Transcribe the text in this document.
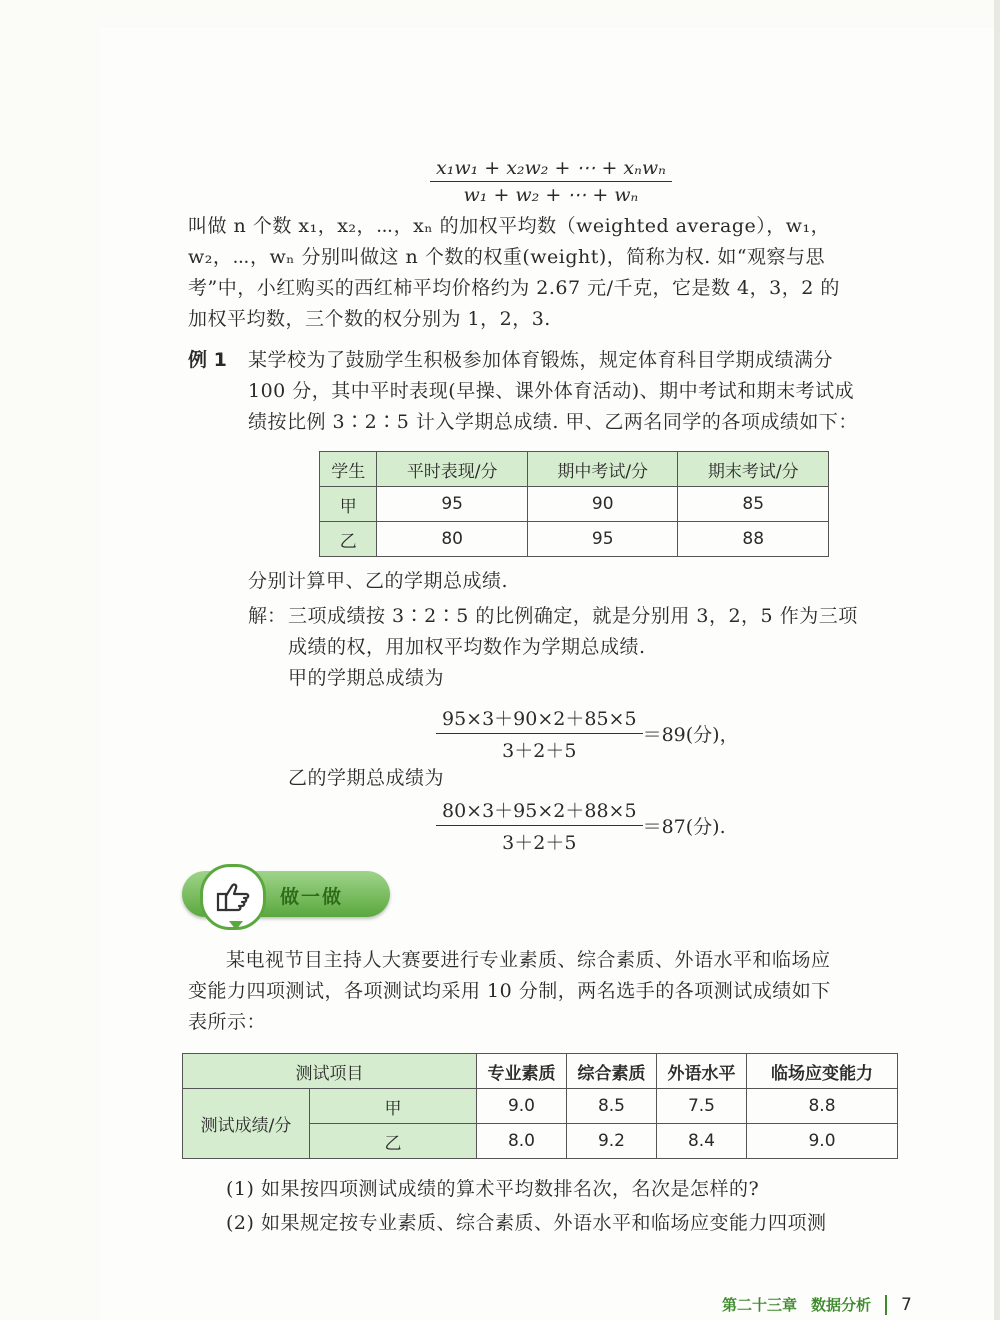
x₁w₁ + x₂w₂ + ⋯ + xₙwₙ
w₁ + w₂ + ⋯ + wₙ
叫做 n 个数 x₁，x₂，⋯，xₙ 的加权平均数（weighted average），w₁，
w₂，⋯，wₙ 分别叫做这 n 个数的权重(weight)，简称为权. 如“观察与思
考”中，小红购买的西红柿平均价格约为 2.67 元/千克，它是数 4，3，2 的
加权平均数，三个数的权分别为 1，2，3.
例 1 某学校为了鼓励学生积极参加体育锻炼，规定体育科目学期成绩满分
100 分，其中平时表现(早操、课外体育活动)、期中考试和期末考试成
绩按比例 3∶2∶5 计入学期总成绩. 甲、乙两名同学的各项成绩如下：
学生	平时表现/分	期中考试/分	期末考试/分
甲	95	90	85
乙	80	95	88
分别计算甲、乙的学期总成绩.
解： 三项成绩按 3∶2∶5 的比例确定，就是分别用 3，2，5 作为三项
成绩的权，用加权平均数作为学期总成绩.
甲的学期总成绩为
$\frac{95\times 3+90\times 2+85\times 5}{3+2+5} =89$(分)，
乙的学期总成绩为
$\frac{80\times 3+95\times 2+88\times 5}{3+2+5} =87$(分).
做一做
某电视节目主持人大赛要进行专业素质、综合素质、外语水平和临场应
变能力四项测试，各项测试均采用 10 分制，两名选手的各项测试成绩如下
表所示：
测试项目		专业素质	综合素质	外语水平	临场应变能力
测试成绩/分	甲	9.0	8.5	7.5	8.8
	乙	8.0	9.2	8.4	9.0
(1) 如果按四项测试成绩的算术平均数排名次，名次是怎样的?
(2) 如果规定按专业素质、综合素质、外语水平和临场应变能力四项测
第二十三章 数据分析 7
